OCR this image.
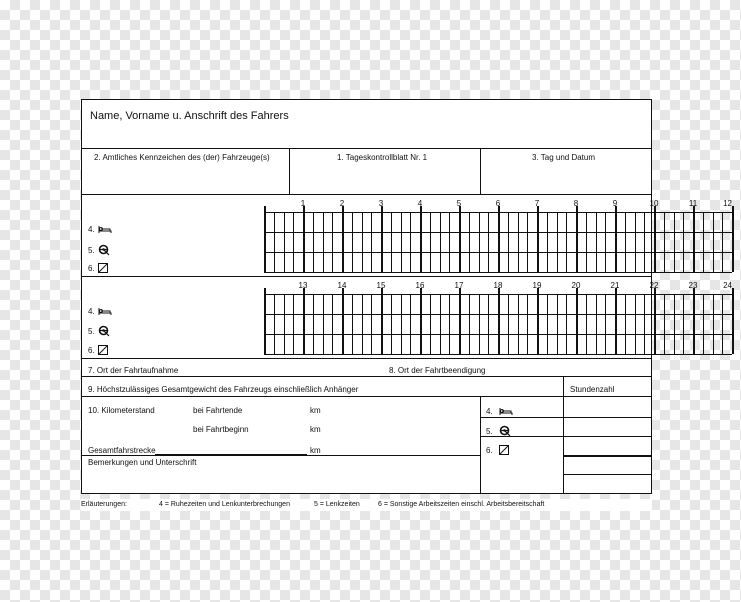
Name, Vorname u. Anschrift des Fahrers
2. Amtliches Kennzeichen des (der) Fahrzeuge(s)	1. Tageskontrollblatt Nr. 1	3. Tag und Datum
1	2	3	4	5	6	7	8	9	10	11	12
4.
5.
6.
13	14	15	16	17	18	19	20	21	22	23	24
4.
5.
6.
7. Ort der Fahrtaufnahme	8. Ort der Fahrtbeendigung
9. Höchstzulässiges Gesamtgewicht des Fahrzeugs einschließlich Anhänger	Stundenzahl
10. Kilometerstand	bei Fahrtende	km
bei Fahrtbeginn	km
Gesamtfahrstrecke	km
Bemerkungen und Unterschrift
4.
5.
6.
Erläuterungen:	4 = Ruhezeiten und Lenkunterbrechungen	5 = Lenkzeiten	6 = Sonstige Arbeitszeiten einschl. Arbeitsbereitschaft
